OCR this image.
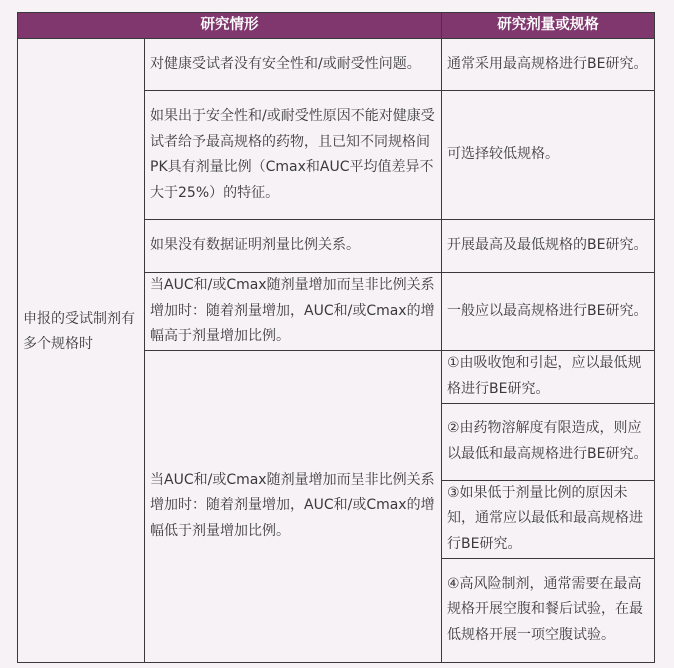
研究情形		研究剂量或规格

申报的受试制剂有多个规格时	对健康受试者没有安全性和/或耐受性问题。	通常采用最高规格进行BE研究。
	如果出于安全性和/或耐受性原因不能对健康受试者给予最高规格的药物，且已知不同规格间PK具有剂量比例（Cmax和AUC平均值差异不大于25%）的特征。	可选择较低规格。
	如果没有数据证明剂量比例关系。	开展最高及最低规格的BE研究。
	当AUC和/或Cmax随剂量增加而呈非比例关系增加时：随着剂量增加，AUC和/或Cmax的增幅高于剂量增加比例。	一般应以最高规格进行BE研究。
	当AUC和/或Cmax随剂量增加而呈非比例关系增加时：随着剂量增加，AUC和/或Cmax的增幅低于剂量增加比例。	①由吸收饱和引起，应以最低规格进行BE研究。
		②由药物溶解度有限造成，则应以最低和最高规格进行BE研究。
		③如果低于剂量比例的原因未知，通常应以最低和最高规格进行BE研究。
		④高风险制剂，通常需要在最高规格开展空腹和餐后试验，在最低规格开展一项空腹试验。
